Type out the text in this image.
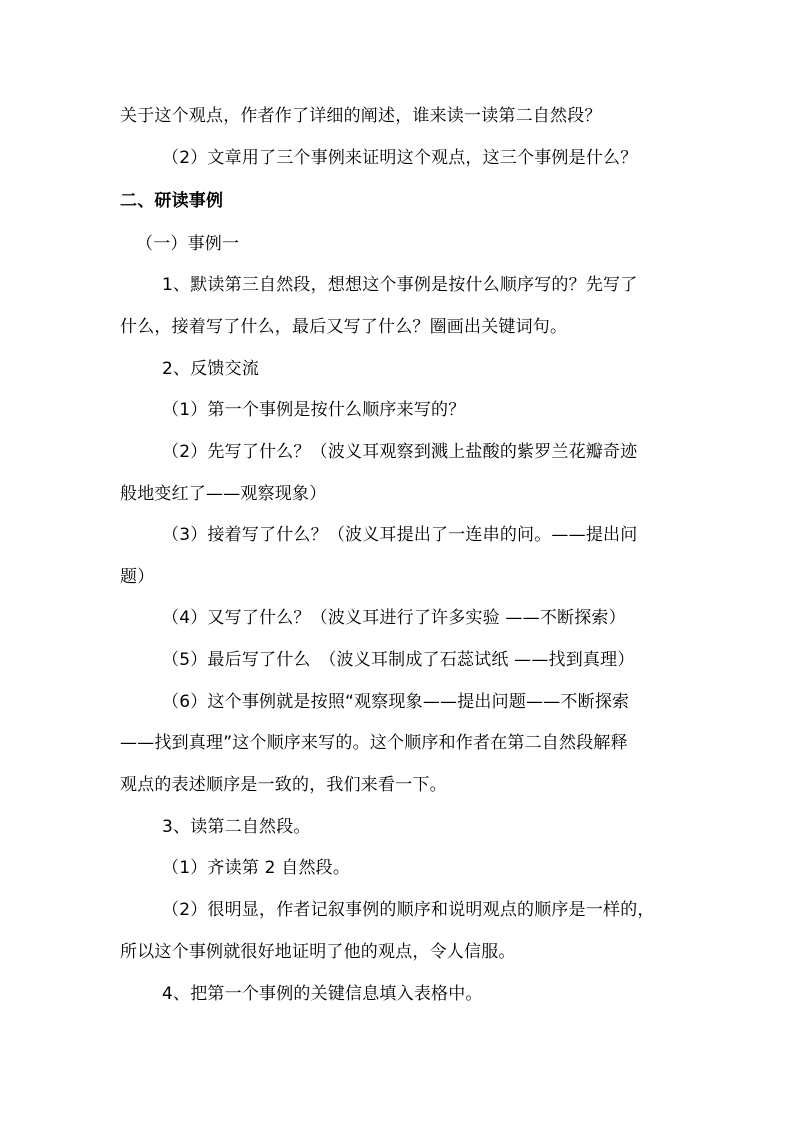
关于这个观点，作者作了详细的阐述，谁来读一读第二自然段？
（2）文章用了三个事例来证明这个观点，这三个事例是什么？
二、研读事例
（一）事例一
1、默读第三自然段，想想这个事例是按什么顺序写的？先写了
什么，接着写了什么，最后又写了什么？圈画出关键词句。
2、反馈交流
（1）第一个事例是按什么顺序来写的？
（2）先写了什么？（波义耳观察到溅上盐酸的紫罗兰花瓣奇迹
般地变红了——观察现象）
（3）接着写了什么？（波义耳提出了一连串的问。——提出问
题）
（4）又写了什么？（波义耳进行了许多实验 ——不断探索）
（5）最后写了什么　（波义耳制成了石蕊试纸 ——找到真理）
（6）这个事例就是按照“观察现象——提出问题——不断探索
——找到真理”这个顺序来写的。这个顺序和作者在第二自然段解释
观点的表述顺序是一致的，我们来看一下。
3、读第二自然段。
（1）齐读第 2 自然段。
（2）很明显，作者记叙事例的顺序和说明观点的顺序是一样的，
所以这个事例就很好地证明了他的观点，令人信服。
4、把第一个事例的关键信息填入表格中。
